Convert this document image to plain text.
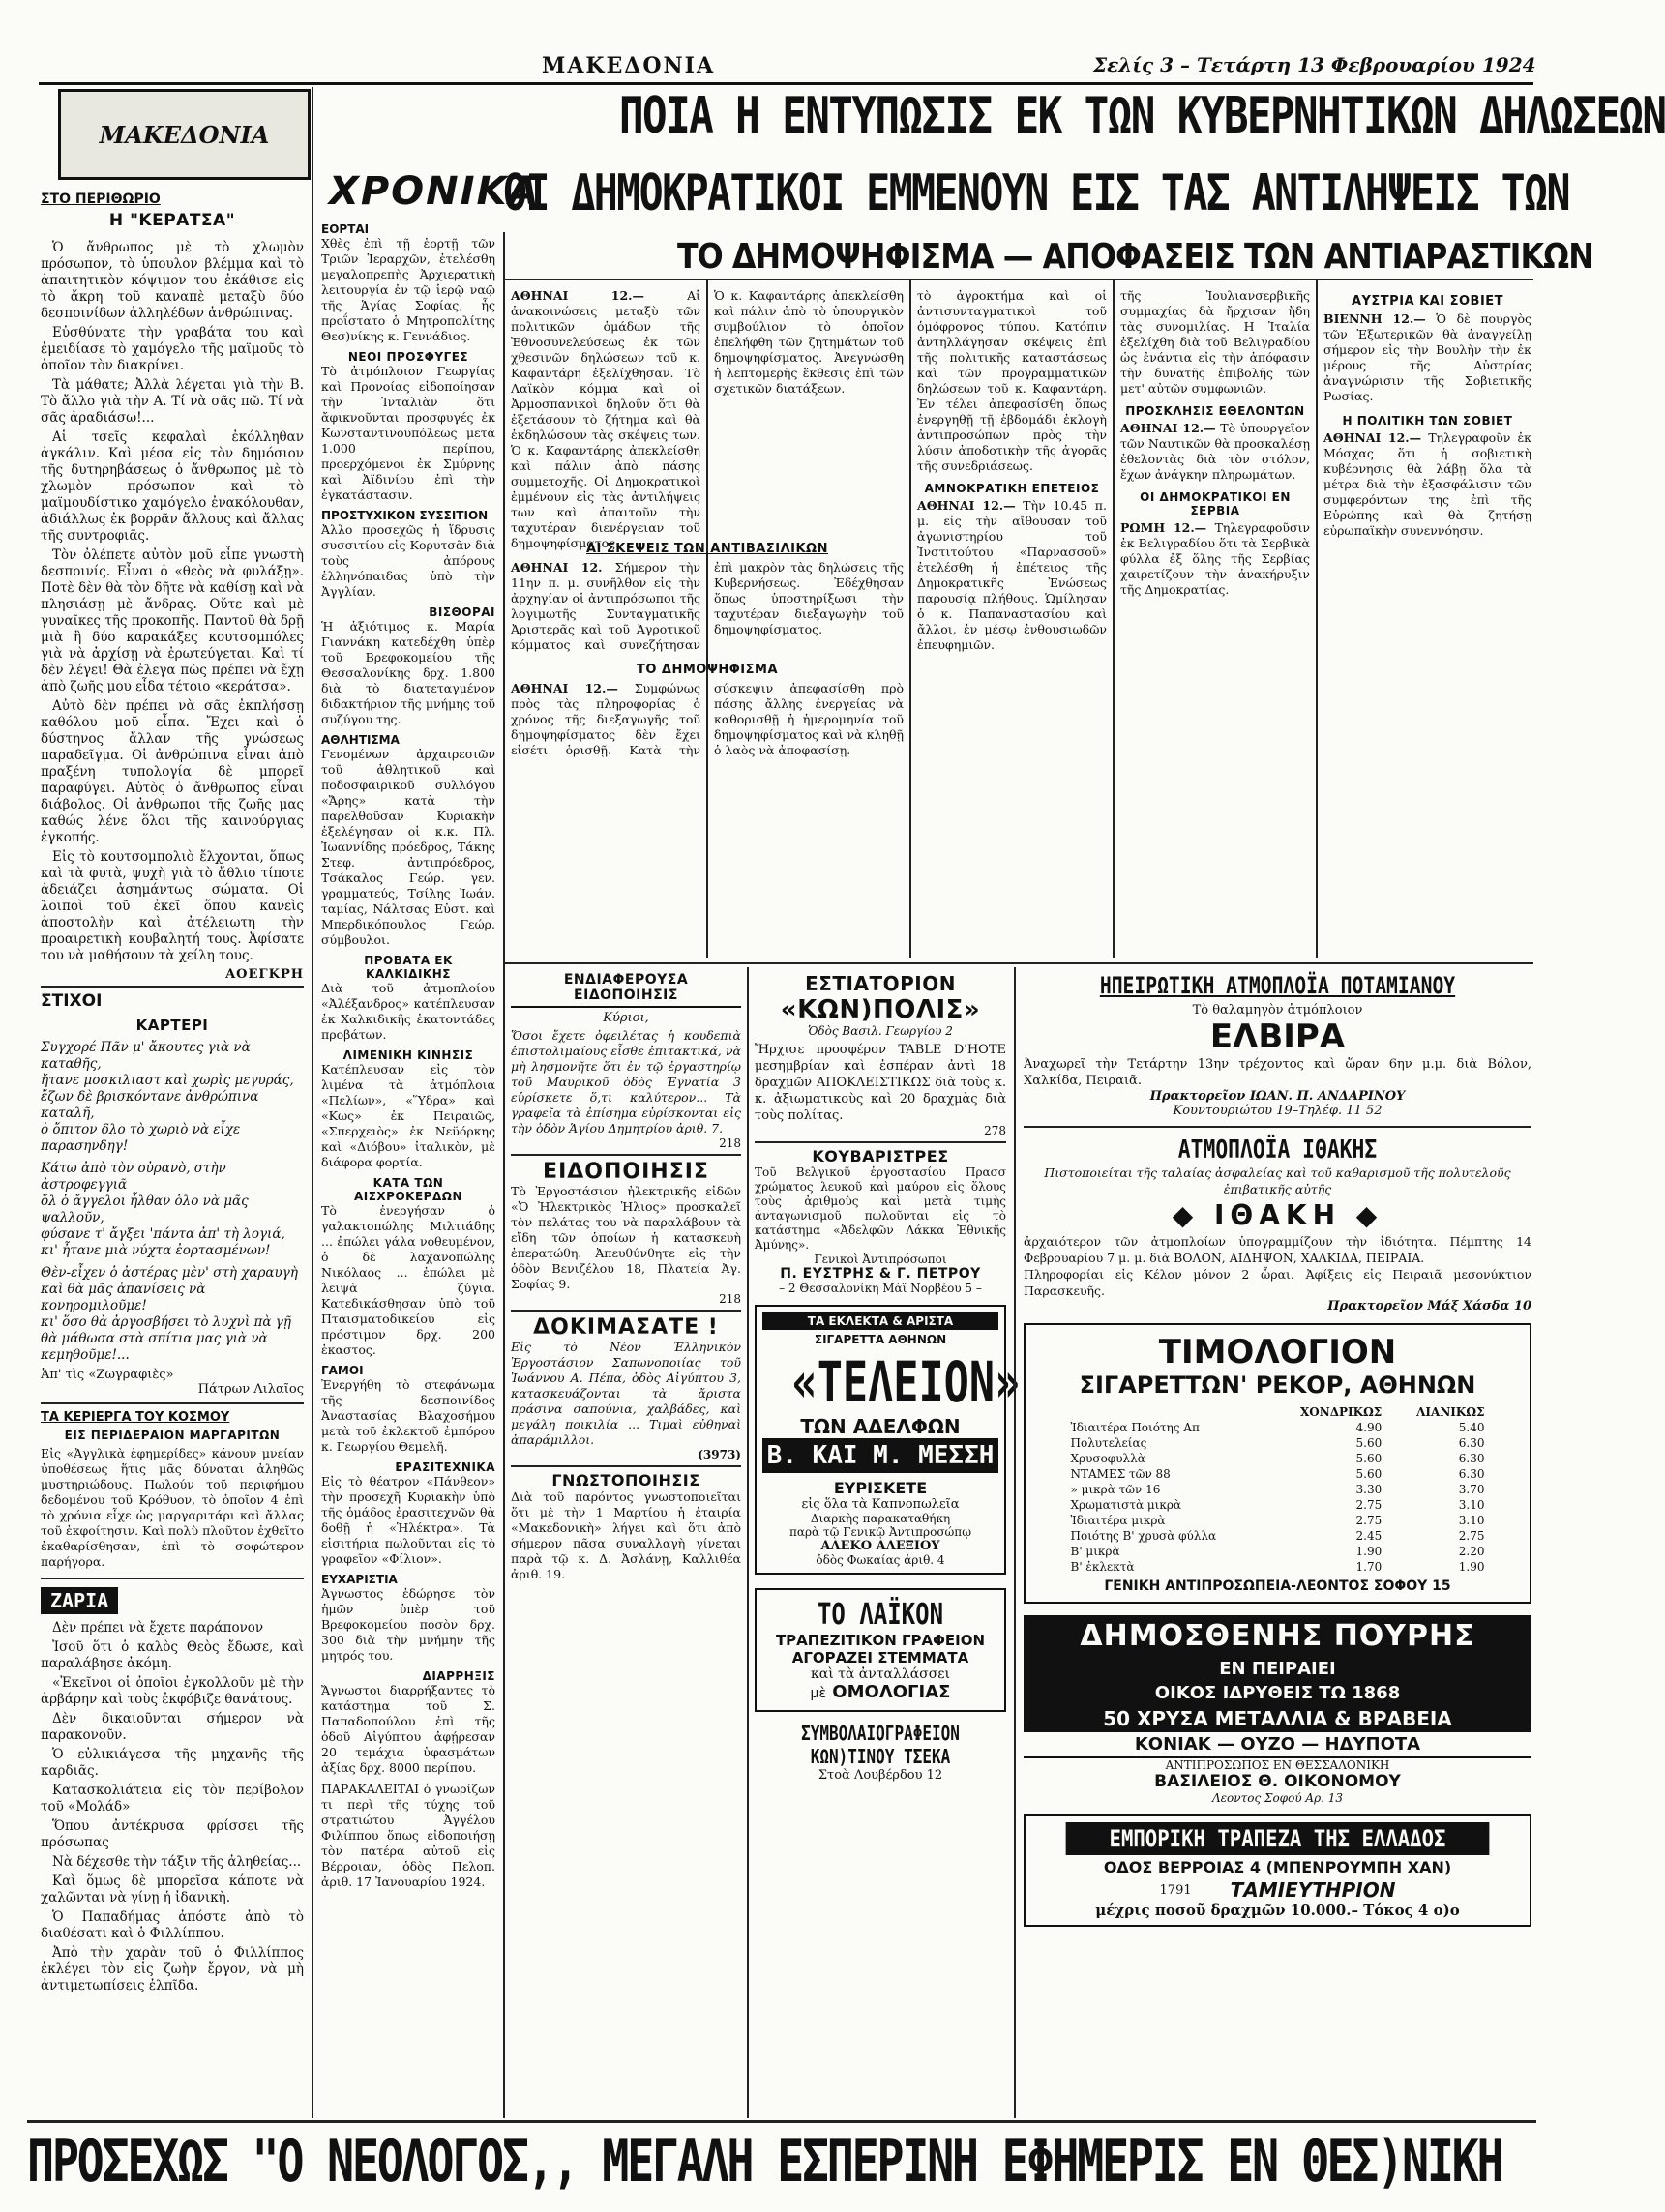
ΜΑΚΕΔΟΝΙΑ	Σελίς 3 – Τετάρτη 13 Φεβρουαρίου 1924
ΜΑΚΕΔΟΝΙΑ
ΣΤΟ ΠΕΡΙΘΩΡΙΟ
Η "ΚΕΡΑΤΣΑ"

Ὁ ἄνθρωπος μὲ τὸ χλωμὸν πρόσωπον, τὸ ὑπουλον βλέμμα καὶ τὸ ἀπαιτητικὸν κόψιμον του ἐκάθισε εἰς τὸ ἄκρη τοῦ καναπὲ μεταξὺ δύο δεσποινίδων ἀλληλέδων ἀνθρώπινας.

Εὐσθύνατε τὴν γραβάτα του καὶ ἐμειδίασε τὸ χαμόγελο τῆς μαϊμοῦς τὸ ὁποῖον τὸν διακρίνει.

Τὰ μάθατε; Ἀλλὰ λέγεται γιὰ τὴν Β. Τὸ ἄλλο γιὰ τὴν Α. Τί νὰ σᾶς πῶ. Τί νὰ σᾶς ἀραδιάσω!...

Αἱ τσεῖς κεφαλαὶ ἐκόλληθαν ἀγκάλιν. Καὶ μέσα εἰς τὸν δημόσιον τῆς δυτηρηβάσεως ὁ ἄνθρωπος μὲ τὸ χλωμὸν πρόσωπον καὶ τὸ μαϊμουδίστικο χαμόγελο ἐνακόλουθαν, ἀδιάλλως ἐκ βορρᾶν ἄλλους καὶ ἄλλας τῆς συντροφιᾶς.

Τὸν ὀλέπετε αὐτὸν μοῦ εἶπε γνωστὴ δεσποινίς. Εἶναι ὁ «θεὸς νὰ φυλάξῃ». Ποτὲ δὲν θὰ τὸν δῆτε νὰ καθίσῃ καὶ νὰ πλησιάσῃ μὲ ἄνδρας. Οὔτε καὶ μὲ γυναῖκες τῆς προκοπῆς. Παντοῦ θὰ δρῇ μιὰ ἢ δύο καρακάξες κουτσομπόλες γιὰ νὰ ἀρχίσῃ νὰ ἐρωτεύγεται. Καὶ τί δὲν λέγει! Θὰ ἐλεγα πὼς πρέπει νὰ ἔχῃ ἀπὸ ζωῆς μου εἶδα τέτοιο «κεράτσα».

Αὐτὸ δὲν πρέπει νὰ σᾶς ἐκπλήσσῃ καθόλου μοῦ εἶπα. Ἔχει καὶ ὁ δύστηνος ἄλλαν τῆς γνώσεως παραδεῖγμα. Οἱ ἀνθρώπινα εἶναι ἀπὸ πραξένη τυπολογία δὲ μπορεῖ παραφύγει. Αὐτὸς ὁ ἄνθρωπος εἶναι διάβολος. Οἱ ἀνθρωποι τῆς ζωῆς μας καθώς λένε ὅλοι τῆς καινούργιας ἐγκοπής.

Εἰς τὸ κουτσομπολιὸ ἔλχονται, ὅπως καὶ τὰ φυτὰ, ψυχὴ γιὰ τὸ ἄθλιο τίποτε ἀδειάζει ἀσημάντως σώματα. Οἱ λοιποὶ τοῦ ἐκεῖ ὅπου κανεὶς ἀποστολὴν καὶ ἀτέλειωτη τὴν προαιρετικὴ κουβαλητή τους. Ἀφίσατε του νὰ μαθήσουν τὰ χείλη τους.

ΑΟΕΓΚΡΗ
ΣΤΙΧΟΙ
ΚΑΡΤΕΡΙ
Συγχορέ Πᾶν μ' ἄκουτες γιὰ νὰ καταθῆς,
ἤτανε μοσκιλιαστ καὶ χωρὶς μεγυράς,
ἔζων δὲ βρισκόντανε ἀνθρώπινα καταλῆ,
ὁ ὄπιτον δλο τὸ χωριὸ νὰ εἶχε παρασηνδηγ!
Κάτω ἀπὸ τὸν οὐρανὸ, στὴν ἀστροφεγγιᾶ
ὅλ ὁ ἄγγελοι ἦλθαν ὁλο νὰ μᾶς ψαλλοῦν,
φύσανε τ' ἄγξει 'πάντα ἀπ' τὴ λογιά,
κι' ἦτανε μιὰ νύχτα ἐορτασμένων!
Θὲν-εἶχεν ὁ ἀστέρας μὲν' στὴ χαραυγὴ
καὶ θὰ μᾶς ἀπανίσεις νὰ κονηρομιλοῦμε!
κι' ὅσο θὰ ἀργοσβήσει τὸ λυχνὶ πὰ γῇ
θὰ μάθωσα στὰ σπίτια μας γιὰ νὰ κεμηθοῦμε!...
Ἀπ' τὶς «Ζωγραφιὲς»
Πάτρων Λιλαῖος
ΤΑ ΚΕΡΙΕΡΓΑ ΤΟΥ ΚΟΣΜΟΥ
ΕΙΣ ΠΕΡΙΔΕΡΑΙΟΝ ΜΑΡΓΑΡΙΤΩΝ
Εἰς «Ἀγγλικὰ ἐφημερίδες» κάνουν μνείαν ὑποθέσεως ἥτις μᾶς δύναται ἀληθῶς μυστηριώδους. Πωλούν τοῦ περιφήμου δεδομένου τοῦ Κρόθυον, τὸ ὁποῖον 4 ἐπὶ τὸ χρόνια εἶχε ὡς μαργαριτάρι καὶ ἄλλας τοῦ ἐκφοίτησιν. Καὶ πολὺ πλοῦτον ἐχθεῖτο ἐκαθαρίσθησαν, ἐπὶ τὸ σοφώτερον παρήγορα.
ΖΑΡΙΑ

Δὲν πρέπει νὰ ἔχετε παράπονον

Ἰσοῦ ὅτι ὁ καλὸς Θεὸς ἔδωσε, καὶ παραλάβησε ἀκόμη.

«Ἐκεῖνοι οἱ ὁποῖοι ἐγκολλοῦν μὲ τὴν ἀρβάρην καὶ τοὺς ἐκφόβιζε θανάτους.

Δὲν δικαιοῦνται σήμερον νὰ παρακονοῦν.

Ὁ εὐλικιάγεσα τῆς μηχανῆς τῆς καρδιᾶς.

Κατασκολιάτεια εἰς τὸν περίβολον τοῦ «Μολάδ»

Ὅπου ἀντέκρυσα φρίσσει τῆς πρόσωπας

Νὰ δέχεσθε τὴν τάξιν τῆς ἀληθείας...

Καὶ ὅμως δὲ μπορεῖσα κάποτε νὰ χαλῶνται νὰ γίνῃ ἡ ἰδανικὴ.

Ὁ Παπαδήμας ἀπόστε ἀπὸ τὸ διαθέσατι καὶ ὁ Φιλλίππου.

Ἀπὸ τὴν χαρὰν τοῦ ὁ Φιλλίππος ἐκλέγει τὸν εἰς ζωὴν ἔργον, νὰ μὴ ἀντιμετωπίσεις ἐλπῖδα.

ΧΡΟΝΙΚΑ
ΕΟΡΤΑΙ
Χθὲς ἐπὶ τῇ ἑορτῇ τῶν Τριῶν Ἱεραρχῶν, ἐτελέσθη μεγαλοπρεπὴς Ἀρχιερατικὴ λειτουργία ἐν τῷ ἱερῷ ναῷ τῆς Ἁγίας Σοφίας, ἧς προΐστατο ὁ Μητροπολίτης Θεσ)νίκης κ. Γεννάδιος.
ΝΕΟΙ ΠΡΟΣΦΥΓΕΣ
Τὸ ἀτμόπλοιον Γεωργίας καὶ Προνοίας εἰδοποίησαν τὴν Ἰνταλιὰν ὅτι ἄφικνοῦνται προσφυγές ἐκ Κωνσταντινουπόλεως μετὰ 1.000 περίπου, προερχόμενοι ἐκ Σμύρνης καὶ Ἀϊδινίου ἐπὶ τὴν ἐγκατάστασιν.
ΠΡΟΣΤΥΧΙΚΟΝ ΣΥΣΣΙΤΙΟΝ
Ἀλλο προσεχῶς ἡ ἵδρυσις συσσιτίου εἰς Κορυτσᾶν διὰ τοὺς ἀπόρους ἐλληνόπαιδας ὑπὸ τὴν Ἀγγλίαν.
ΒΙΣΘΟΡΑΙ
Ἡ ἀξιότιμος κ. Μαρία Γιαννάκη κατεδέχθη ὑπὲρ τοῦ Βρεφοκομείου τῆς Θεσσαλονίκης δρχ. 1.800 διὰ τὸ διατεταγμένον διδακτήριον τῆς μνήμης τοῦ συζύγου της.
ΑΘΛΗΤΙΣΜΑ
Γενομένων ἀρχαιρεσιῶν τοῦ ἀθλητικοῦ καὶ ποδοσφαιρικοῦ συλλόγου «Ἄρης» κατὰ τὴν παρελθοῦσαν Κυριακὴν ἐξελέγησαν οἱ κ.κ. Πλ. Ἰωαννίδης πρόεδρος, Τάκης Στεφ. ἀντιπρόεδρος, Τσάκαλος Γεώρ. γεν. γραμματεύς, Τσίλης Ἰωάν. ταμίας, Νάλτσας Εὐστ. καὶ Μπερδικόπουλος Γεώρ. σύμβουλοι.
ΠΡΟΒΑΤΑ ΕΚ ΚΑΛΚΙΔΙΚΗΣ
Διὰ τοῦ ἀτμοπλοίου «Ἀλέξανδρος» κατέπλευσαν ἐκ Χαλκιδικῆς ἑκατοντάδες προβάτων.
ΛΙΜΕΝΙΚΗ ΚΙΝΗΣΙΣ
Κατέπλευσαν εἰς τὸν λιμένα τὰ ἀτμόπλοια «Πελίων», «Ὕδρα» καὶ «Κως» ἐκ Πειραιῶς, «Σπερχειὸς» ἐκ Νεϋόρκης καὶ «Διόβου» ἰταλικὸν, μὲ διάφορα φορτία.
ΚΑΤΑ ΤΩΝ ΑΙΣΧΡΟΚΕΡΔΩΝ
Τὸ ἐνεργήσαν ὁ γαλακτοπώλης Μιλτιάδης ... ἐπώλει γάλα νοθευμένον, ὁ δὲ λαχανοπώλης Νικόλαος ... ἐπώλει μὲ λειψὰ ζύγια. Κατεδικάσθησαν ὑπὸ τοῦ Πταισματοδικείου εἰς πρόστιμον δρχ. 200 ἑκαστος.
ΓΑΜΟΙ
Ἐνεργήθη τὸ στεφάνωμα τῆς δεσποινίδος Ἀναστασίας Βλαχοσήμου μετὰ τοῦ ἐκλεκτοῦ ἐμπόρου κ. Γεωργίου Θεμελῆ.
ΕΡΑΣΙΤΕΧΝΙΚΑ
Εἰς τὸ θέατρον «Πάνθεον» τὴν προσεχῆ Κυριακὴν ὑπὸ τῆς ὁμάδος ἐρασιτεχνῶν θὰ δοθῇ ἡ «Ἡλέκτρα». Τὰ εἰσιτήρια πωλοῦνται εἰς τὸ γραφεῖον «Φίλιον».
ΕΥΧΑΡΙΣΤΙΑ
Ἀγνωστος ἐδώρησε τὸν ἡμῶν ὑπὲρ τοῦ Βρεφοκομείου ποσὸν δρχ. 300 διὰ τὴν μνήμην τῆς μητρός του.
ΔΙΑΡΡΗΞΙΣ
Ἄγνωστοι διαρρήξαντες τὸ κατάστημα τοῦ Σ. Παπαδοπούλου ἐπὶ τῆς ὁδοῦ Αἰγύπτου ἀφῄρεσαν 20 τεμάχια ὑφασμάτων ἀξίας δρχ. 8000 περίπου.
ΠΑΡΑΚΑΛΕΙΤΑΙ ὁ γνωρίζων τι περὶ τῆς τύχης τοῦ στρατιώτου Ἀγγέλου Φιλίππου ὅπως εἰδοποιήσῃ τὸν πατέρα αὐτοῦ εἰς Βέρροιαν, ὁδὸς Πελοπ. ἀριθ. 17 Ἰανουαρίου 1924.
ΠΟΙΑ Η ΕΝΤΥΠΩΣΙΣ ΕΚ ΤΩΝ ΚΥΒΕΡΝΗΤΙΚΩΝ ΔΗΛΩΣΕΩΝ
ΟΙ ΔΗΜΟΚΡΑΤΙΚΟΙ ΕΜΜΕΝΟΥΝ ΕΙΣ ΤΑΣ ΑΝΤΙΛΗΨΕΙΣ ΤΩΝ
ΤΟ ΔΗΜΟΨΗΦΙΣΜΑ — ΑΠΟΦΑΣΕΙΣ ΤΩΝ ΑΝΤΙΑΡΑΣΤΙΚΩΝ
ΑΘΗΝΑΙ 12.—	Αἱ ἀνακοινώσεις μεταξὺ τῶν πολιτικῶν ὁμάδων τῆς Ἐθνοσυνελεύσεως ἐκ τῶν χθεσινῶν δηλώσεων τοῦ κ. Καφαντάρη ἐξελίχθησαν. Τὸ Λαϊκὸν κόμμα καὶ οἱ Ἀρμοσπανικοὶ δηλοῦν ὅτι θὰ ἐξετάσουν τὸ ζήτημα καὶ θὰ ἐκδηλώσουν τὰς σκέψεις των. Ὁ κ. Καφαντάρης ἀπεκλείσθη καὶ πάλιν ἀπὸ πάσης συμμετοχῆς. Οἱ Δημοκρατικοὶ ἐμμένουν εἰς τὰς ἀντιλήψεις των καὶ ἀπαιτοῦν τὴν ταχυτέραν διενέργειαν τοῦ δημοψηφίσματος.
Ὁ κ. Καφαντάρης ἀπεκλείσθη καὶ πάλιν ἀπὸ τὸ ὑπουργικὸν συμβούλιον τὸ ὁποῖον ἐπελήφθη τῶν ζητημάτων τοῦ δημοψηφίσματος. Ἀνεγνώσθη ἡ λεπτομερὴς ἔκθεσις ἐπὶ τῶν σχετικῶν διατάξεων.
ΑΙ ΣΚΕΨΕΙΣ ΤΩΝ ΑΝΤΙΒΑΣΙΛΙΚΩΝ
ΑΘΗΝΑΙ 12. Σήμερον τὴν 11ην π. μ. συνῆλθον εἰς τὴν ἀρχηγίαν οἱ ἀντιπρόσωποι τῆς λογιμωτῆς Συνταγματικῆς Ἀριστερᾶς καὶ τοῦ Ἀγροτικοῦ κόμματος καὶ συνεζήτησαν ἐπὶ μακρὸν τὰς δηλώσεις τῆς Κυβερνήσεως. Ἐδέχθησαν ὅπως ὑποστηρίξωσι τὴν ταχυτέραν διεξαγωγὴν τοῦ δημοψηφίσματος.
ΤΟ ΔΗΜΟΨΗΦΙΣΜΑ
ΑΘΗΝΑΙ 12.— Συμφώνως πρὸς τὰς πληροφορίας ὁ χρόνος τῆς διεξαγωγῆς τοῦ δημοψηφίσματος δὲν ἔχει εἰσέτι ὁρισθῇ. Κατὰ τὴν σύσκεψιν ἀπεφασίσθη πρὸ πάσης ἄλλης ἐνεργείας νὰ καθορισθῇ ἡ ἡμερομηνία τοῦ δημοψηφίσματος καὶ νὰ κληθῇ ὁ λαὸς νὰ ἀποφασίσῃ.
τὸ ἀγροκτήμα καὶ οἱ ἀντισυνταγματικοὶ τοῦ ὁμόφρονος τύπου. Κατόπιν ἀντηλλάγησαν σκέψεις ἐπὶ τῆς πολιτικῆς καταστάσεως καὶ τῶν προγραμματικῶν δηλώσεων τοῦ κ. Καφαντάρη. Ἐν τέλει ἀπεφασίσθη ὅπως ἐνεργηθῇ τῇ ἑβδομάδι ἐκλογὴ ἀντιπροσώπων πρὸς τὴν λύσιν ἀποδοτικὴν τῆς ἀγορᾶς τῆς συνεδριάσεως.
ΑΜΝΟΚΡΑΤΙΚΗ ΕΠΕΤΕΙΟΣ
ΑΘΗΝΑΙ 12.— Τὴν 10.45 π. μ. εἰς τὴν αἴθουσαν τοῦ ἀγωνιστηρίου τοῦ Ἰνστιτούτου «Παρνασσοῦ» ἐτελέσθη ἡ ἐπέτειος τῆς Δημοκρατικῆς Ἐνώσεως παρουσίᾳ πλήθους. Ὡμίλησαν ὁ κ. Παπαναστασίου καὶ ἄλλοι, ἐν μέσῳ ἐνθουσιωδῶν ἐπευφημιῶν.
τῆς Ἰουλιανσερβικῆς συμμαχίας δὰ ἤρχισαν ἤδη τὰς συνομιλίας. Η Ἰταλία ἐξελίχθη διὰ τοῦ Βελιγραδίου ὡς ἐνάντια εἰς τὴν ἀπόφασιν τὴν δυνατῆς ἐπιβολῆς τῶν μετ' αὐτῶν συμφωνιῶν.
ΠΡΟΣΚΛΗΣΙΣ ΕΘΕΛΟΝΤΩΝ
ΑΘΗΝΑΙ 12.— Τὸ ὑπουργεῖον τῶν Ναυτικῶν θὰ προσκαλέσῃ ἐθελοντὰς διὰ τὸν στόλον, ἔχων ἀνάγκην πληρωμάτων.
ΟΙ ΔΗΜΟΚΡΑΤΙΚΟΙ ΕΝ ΣΕΡΒΙΑ
ΡΩΜΗ 12.— Τηλεγραφοῦσιν ἐκ Βελιγραδίου ὅτι τὰ Σερβικὰ φύλλα ἐξ ὅλης τῆς Σερβίας χαιρετίζουν τὴν ἀνακήρυξιν τῆς Δημοκρατίας.
ΑΥΣΤΡΙΑ ΚΑΙ ΣΟΒΙΕΤ
ΒΙΕΝΝΗ 12.— Ὁ δὲ πουργὸς τῶν Ἐξωτερικῶν θὰ ἀναγγείλῃ σήμερον εἰς τὴν Βουλὴν τὴν ἐκ μέρους τῆς Αὐστρίας ἀναγνώρισιν τῆς Σοβιετικῆς Ρωσίας.
Η ΠΟΛΙΤΙΚΗ ΤΩΝ ΣΟΒΙΕΤ
ΑΘΗΝΑΙ 12.— Τηλεγραφοῦν ἐκ Μόσχας ὅτι ἡ σοβιετικὴ κυβέρνησις θὰ λάβῃ ὅλα τὰ μέτρα διὰ τὴν ἐξασφάλισιν τῶν συμφερόντων της ἐπὶ τῆς Εὐρώπης καὶ θὰ ζητήσῃ εὐρωπαϊκὴν συνεννόησιν.
ΕΝΔΙΑΦΕΡΟΥΣΑ ΕΙΔΟΠΟΙΗΣΙΣ
Κύριοι,
Ὅσοι ἔχετε ὀφειλέτας ἡ κουδεπιὰ ἐπιστολιμαίους εἶσθε ἐπιτακτικά, νὰ μὴ λησμονῆτε ὅτι ἐν τῷ ἐργαστηρίῳ τοῦ Μαυρικοῦ ὁδὸς Ἐγνατία 3 εὑρίσκετε ὅ,τι καλύτερον... Τὰ γραφεῖα τὰ ἐπίσημα εὑρίσκονται εἰς τὴν ὁδὸν Ἁγίου Δημητρίου ἀριθ. 7.
218
ΕΙΔΟΠΟΙΗΣΙΣ
Τὸ Ἐργοστάσιον ἠλεκτρικῆς εἰδῶν «Ὁ Ἠλεκτρικὸς Ἡλιος» προσκαλεῖ τὸν πελάτας του νὰ παραλάβουν τὰ εἴδη τῶν ὁποίων ἡ κατασκευὴ ἐπερατώθη. Ἀπευθύνθητε εἰς τὴν ὁδὸν Βενιζέλου 18, Πλατεία Ἀγ. Σοφίας 9.
218
ΔΟΚΙΜΑΣΑΤΕ !
Εἰς τὸ Νέον Ἐλληνικὸν Ἐργοστάσιον Σαπωνοποιίας τοῦ Ἰωάννου Α. Πέπα, ὁδὸς Αἰγύπτου 3, κατασκευάζονται τὰ ἄριστα πράσινα σαπούνια, χαλβάδες, καὶ μεγάλη ποικιλία ... Τιμαὶ εὐθηναὶ ἀπαράμιλλοι.
(3973)
ΓΝΩΣΤΟΠΟΙΗΣΙΣ
Διὰ τοῦ παρόντος γνωστοποιεῖται ὅτι μὲ τὴν 1 Μαρτίου ἡ ἐταιρία «Μακεδονικὴ» λήγει καὶ ὅτι ἀπὸ σήμερον πᾶσα συναλλαγὴ γίνεται παρὰ τῷ κ. Δ. Ἀσλάνῃ, Καλλιθέα ἀριθ. 19.
ΕΣΤΙΑΤΟΡΙΟΝ
«ΚΩΝ)ΠΟΛΙΣ»
Ὁδὸς Βασιλ. Γεωργίου 2
Ἤρχισε προσφέρον TABLE D'HOTE μεσημβρίαν καὶ ἑσπέραν ἀντὶ 18 δραχμῶν ΑΠΟΚΛΕΙΣΤΙΚΩΣ διὰ τοὺς κ. κ. ἀξιωματικοὺς καὶ 20 δραχμὰς διὰ τοὺς πολίτας.
278
ΚΟΥΒΑΡΙΣΤΡΕΣ
Τοῦ Βελγικοῦ ἐργοστασίου Πρασσ χρώματος λευκοῦ καὶ μαύρου εἰς ὅλους τοὺς ἀριθμοὺς καὶ μετὰ τιμὴς ἀνταγωνισμοῦ πωλοῦνται εἰς τὸ κατάστημα «Ἀδελφῶν Λάκκα Ἐθνικῆς Ἀμύνης».
Γενικοὶ Ἀντιπρόσωποι
Π. ΕΥΣΤΡΗΣ & Γ. ΠΕΤΡΟΥ
– 2 Θεσσαλονίκη Μάϊ Νορβέου 5 –
ΤΑ ΕΚΛΕΚΤΑ & ΑΡΙΣΤΑ
ΣΙΓΑΡΕΤΤΑ ΑΘΗΝΩΝ
«ΤΕΛΕΙΟΝ»
ΤΩΝ ΑΔΕΛΦΩΝ
Β. ΚΑΙ Μ. ΜΕΣΣΗ
ΕΥΡΙΣΚΕΤΕ
εἰς ὅλα τὰ Καπνοπωλεῖα
Διαρκὴς παρακαταθήκη
παρὰ τῷ Γενικῷ Ἀντιπροσώπῳ
ΑΛΕΚΟ ΑΛΕΞΙΟΥ
ὁδὸς Φωκαίας ἀριθ. 4
ΤΟ ΛΑΪΚΟΝ
ΤΡΑΠΕΖΙΤΙΚΟΝ ΓΡΑΦΕΙΟΝ
ΑΓΟΡΑΖΕΙ ΣΤΕΜΜΑΤΑ
καὶ τὰ ἀνταλλάσσει
μὲ ΟΜΟΛΟΓΙΑΣ
ΣΥΜΒΟΛΑΙΟΓΡΑΦΕΙΟΝ
ΚΩΝ)ΤΙΝΟΥ ΤΣΕΚΑ
Στοὰ Λουβέρδου 12
ΗΠΕΙΡΩΤΙΚΗ ΑΤΜΟΠΛΟΪΑ ΠΟΤΑΜΙΑΝΟΥ
Τὸ θαλαμηγὸν ἀτμόπλοιον
ΕΛΒΙΡΑ
Ἀναχωρεῖ τὴν Τετάρτην 13ην τρέχοντος καὶ ὥραν 6ην μ.μ. διὰ Βόλον, Χαλκίδα, Πειραιᾶ.
Πρακτορεῖον ΙΩΑΝ. Π. ΑΝΔΑΡΙΝΟΥ
Κουντουριώτου 19–Τηλέφ. 11 52
ΑΤΜΟΠΛΟΪΑ ΙΘΑΚΗΣ
Πιστοποιείται τῆς ταλαίας ἀσφαλείας καὶ τοῦ καθαρισμοῦ τῆς πολυτελοῦς ἐπιβατικῆς αὐτῆς
◆ ΙΘΑΚΗ ◆
ἀρχαιότερον τῶν ἀτμοπλοίων ὑπογραμμίζουν τὴν ἰδιότητα. Πέμπτης 14 Φεβρουαρίου 7 μ. μ. διὰ ΒΟΛΟΝ, ΑΙΔΗΨΟΝ, ΧΑΛΚΙΔΑ, ΠΕΙΡΑΙΑ.
Πληροφορίαι εἰς Κέλον μόνον 2 ὧραι. Ἀφίξεις εἰς Πειραιᾶ μεσονύκτιον Παρασκευῆς.
Πρακτορεῖον Μάξ Χάσδα 10
ΤΙΜΟΛΟΓΙΟΝ
ΣΙΓΑΡΕΤΤΩΝ' ΡΕΚΟΡ, ΑΘΗΝΩΝ
	ΧΟΝΔΡΙΚΩΣ	ΛΙΑΝΙΚΩΣ
Ἰδιαιτέρα Ποιότης Απ	4.90	5.40
Πολυτελείας	5.60	6.30
Χρυσοφυλλὰ	5.60	6.30
ΝΤΑΜΕΣ τῶν 88	5.60	6.30
» μικρὰ τῶν 16	3.30	3.70
Χρωματιστὰ μικρὰ	2.75	3.10
Ἰδιαιτέρα μικρὰ	2.75	3.10
Ποιότης Β' χρυσὰ φύλλα	2.45	2.75
Β' μικρὰ	1.90	2.20
Β' ἐκλεκτὰ	1.70	1.90
ΓΕΝΙΚΗ ΑΝΤΙΠΡΟΣΩΠΕΙΑ-ΛΕΟΝΤΟΣ ΣΟΦΟΥ 15
ΔΗΜΟΣΘΕΝΗΣ ΠΟΥΡΗΣ
ΕΝ ΠΕΙΡΑΙΕΙ
ΟΙΚΟΣ ΙΔΡΥΘΕΙΣ ΤΩ 1868
50 ΧΡΥΣΑ ΜΕΤΑΛΛΙΑ & ΒΡΑΒΕΙΑ
ΚΟΝΙΑΚ — ΟΥΖΟ — ΗΔΥΠΟΤΑ
ΑΝΤΙΠΡΟΣΩΠΟΣ ΕΝ ΘΕΣΣΑΛΟΝΙΚΗ
ΒΑΣΙΛΕΙΟΣ Θ. ΟΙΚΟΝΟΜΟΥ
Λεοντος Σοφού Αρ. 13
ΕΜΠΟΡΙΚΗ ΤΡΑΠΕΖΑ ΤΗΣ ΕΛΛΑΔΟΣ
ΟΔΟΣ ΒΕΡΡΟΙΑΣ 4 (ΜΠΕΝΡΟΥΜΠΗ ΧΑΝ)
1791 ΤΑΜΙΕΥΤΗΡΙΟΝ
μέχρις ποσοῦ δραχμῶν 10.000.– Τόκος 4 ο)ο
ΠΡΟΣΕΧΩΣ "Ο ΝΕΟΛΟΓΟΣ,, ΜΕΓΑΛΗ ΕΣΠΕΡΙΝΗ ΕΦΗΜΕΡΙΣ ΕΝ ΘΕΣ)ΝΙΚΗ
